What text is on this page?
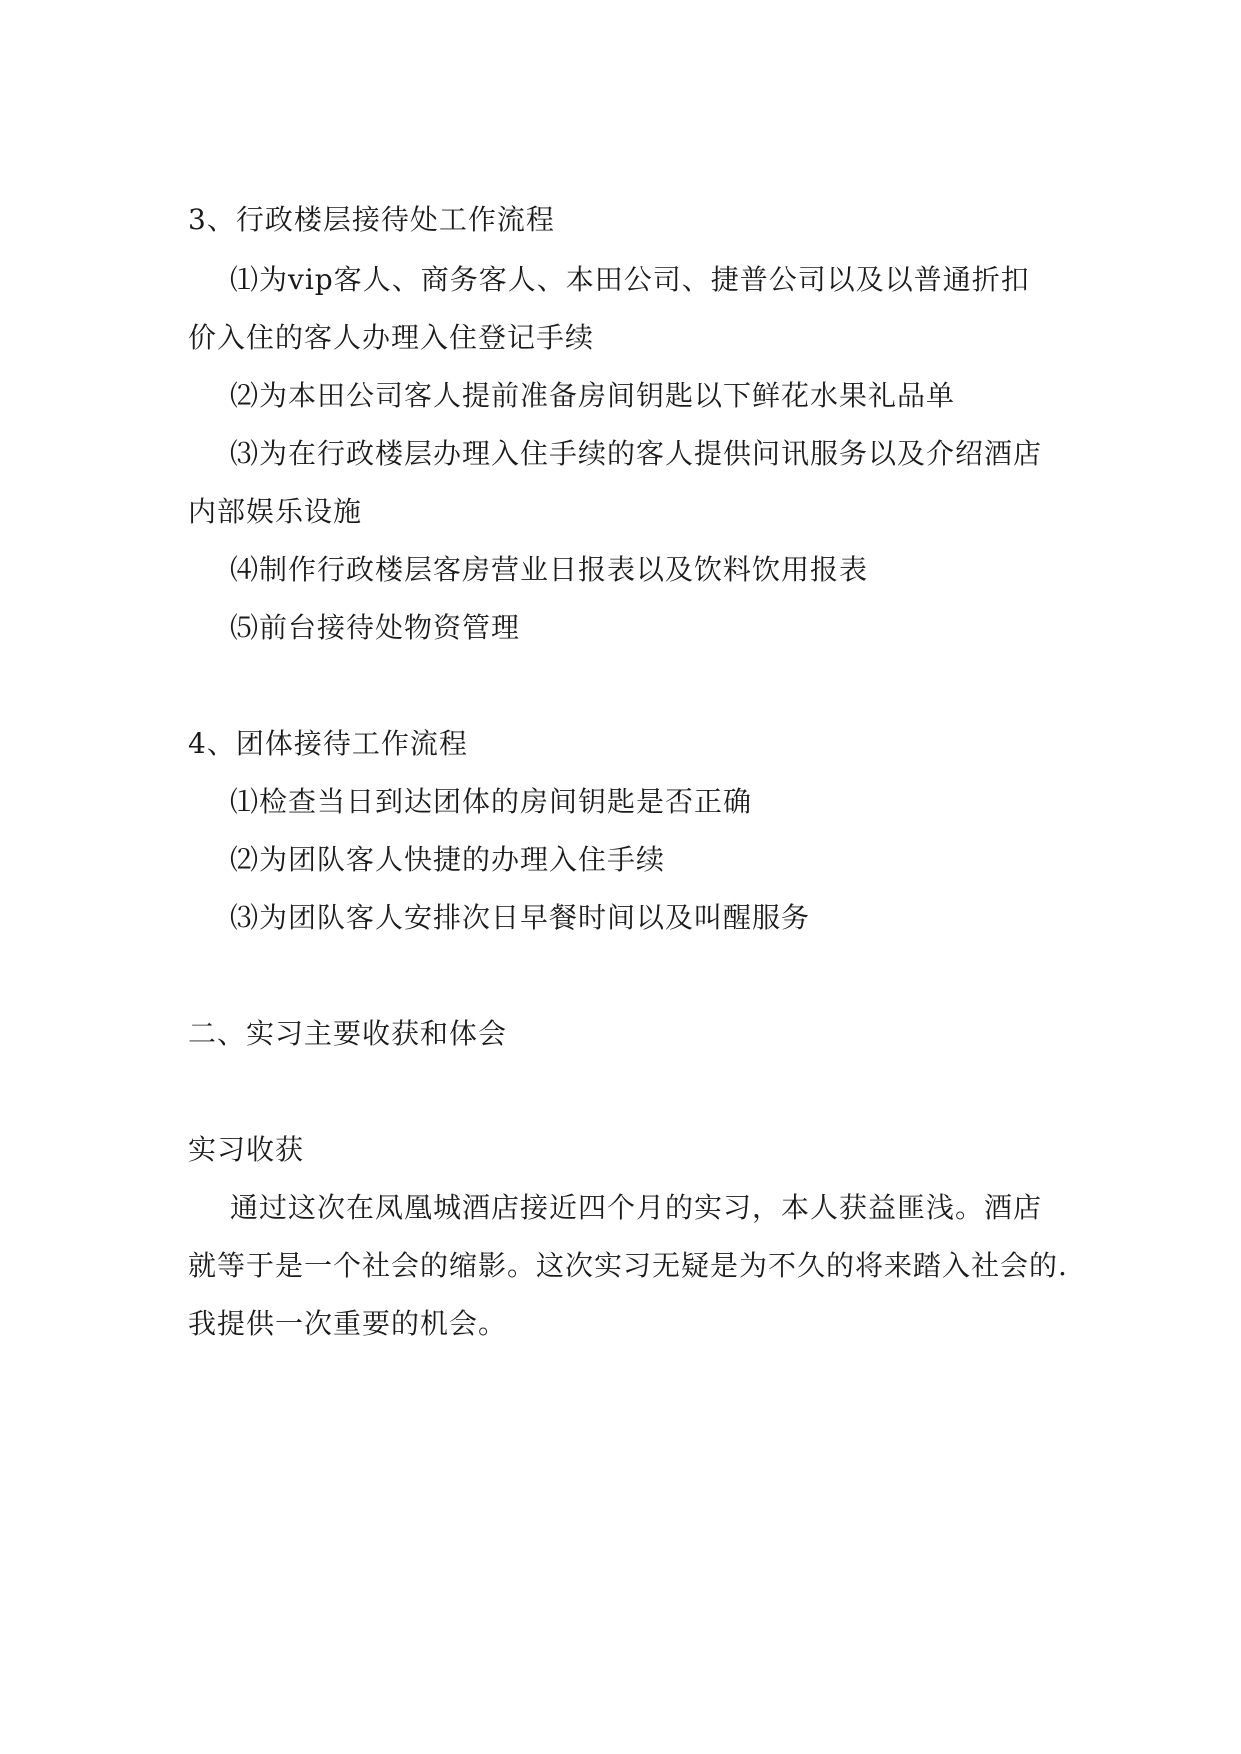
3、行政楼层接待处工作流程
⑴为vip客人、商务客人、本田公司、捷普公司以及以普通折扣
价入住的客人办理入住登记手续
⑵为本田公司客人提前准备房间钥匙以下鲜花水果礼品单
⑶为在行政楼层办理入住手续的客人提供问讯服务以及介绍酒店
内部娱乐设施
⑷制作行政楼层客房营业日报表以及饮料饮用报表
⑸前台接待处物资管理
4、团体接待工作流程
⑴检查当日到达团体的房间钥匙是否正确
⑵为团队客人快捷的办理入住手续
⑶为团队客人安排次日早餐时间以及叫醒服务
二、实习主要收获和体会
实习收获
通过这次在凤凰城酒店接近四个月的实习，本人获益匪浅。酒店
就等于是一个社会的缩影。这次实习无疑是为不久的将来踏入社会的.
我提供一次重要的机会。
